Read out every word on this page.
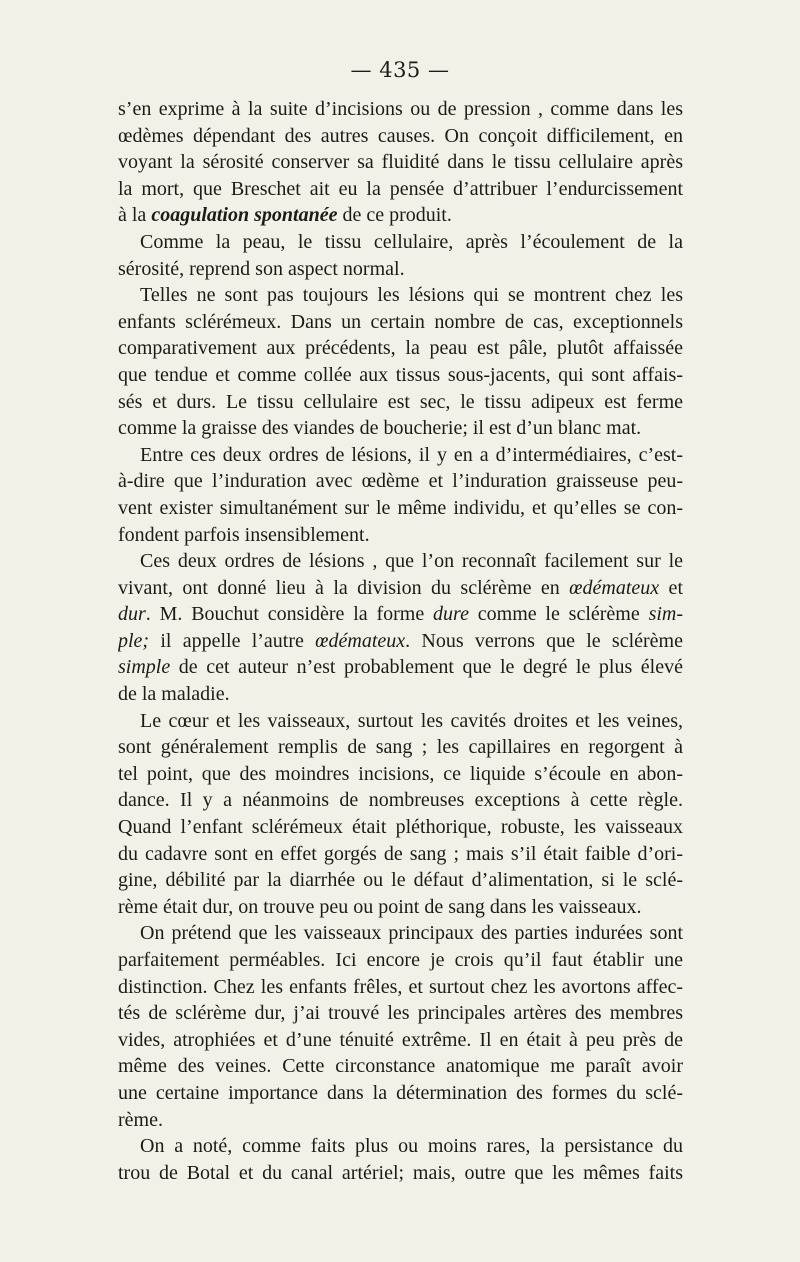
— 435 —
s’en exprime à la suite d’incisions ou de pression , comme dans les
œdèmes dépendant des autres causes. On conçoit difficilement, en
voyant la sérosité conserver sa fluidité dans le tissu cellulaire après
la mort, que Breschet ait eu la pensée d’attribuer l’endurcissement
à la coagulation spontanée de ce produit.
Comme la peau, le tissu cellulaire, après l’écoulement de la
sérosité, reprend son aspect normal.
Telles ne sont pas toujours les lésions qui se montrent chez les
enfants sclérémeux. Dans un certain nombre de cas, exceptionnels
comparativement aux précédents, la peau est pâle, plutôt affaissée
que tendue et comme collée aux tissus sous-jacents, qui sont affais-
sés et durs. Le tissu cellulaire est sec, le tissu adipeux est ferme
comme la graisse des viandes de boucherie; il est d’un blanc mat.
Entre ces deux ordres de lésions, il y en a d’intermédiaires, c’est-
à-dire que l’induration avec œdème et l’induration graisseuse peu-
vent exister simultanément sur le même individu, et qu’elles se con-
fondent parfois insensiblement.
Ces deux ordres de lésions , que l’on reconnaît facilement sur le
vivant, ont donné lieu à la division du sclérème en œdémateux et
dur. M. Bouchut considère la forme dure comme le sclérème sim-
ple; il appelle l’autre œdémateux. Nous verrons que le sclérème
simple de cet auteur n’est probablement que le degré le plus élevé
de la maladie.
Le cœur et les vaisseaux, surtout les cavités droites et les veines,
sont généralement remplis de sang ; les capillaires en regorgent à
tel point, que des moindres incisions, ce liquide s’écoule en abon-
dance. Il y a néanmoins de nombreuses exceptions à cette règle.
Quand l’enfant sclérémeux était pléthorique, robuste, les vaisseaux
du cadavre sont en effet gorgés de sang ; mais s’il était faible d’ori-
gine, débilité par la diarrhée ou le défaut d’alimentation, si le sclé-
rème était dur, on trouve peu ou point de sang dans les vaisseaux.
On prétend que les vaisseaux principaux des parties indurées sont
parfaitement perméables. Ici encore je crois qu’il faut établir une
distinction. Chez les enfants frêles, et surtout chez les avortons affec-
tés de sclérème dur, j’ai trouvé les principales artères des membres
vides, atrophiées et d’une ténuité extrême. Il en était à peu près de
même des veines. Cette circonstance anatomique me paraît avoir
une certaine importance dans la détermination des formes du sclé-
rème.
On a noté, comme faits plus ou moins rares, la persistance du
trou de Botal et du canal artériel; mais, outre que les mêmes faits
